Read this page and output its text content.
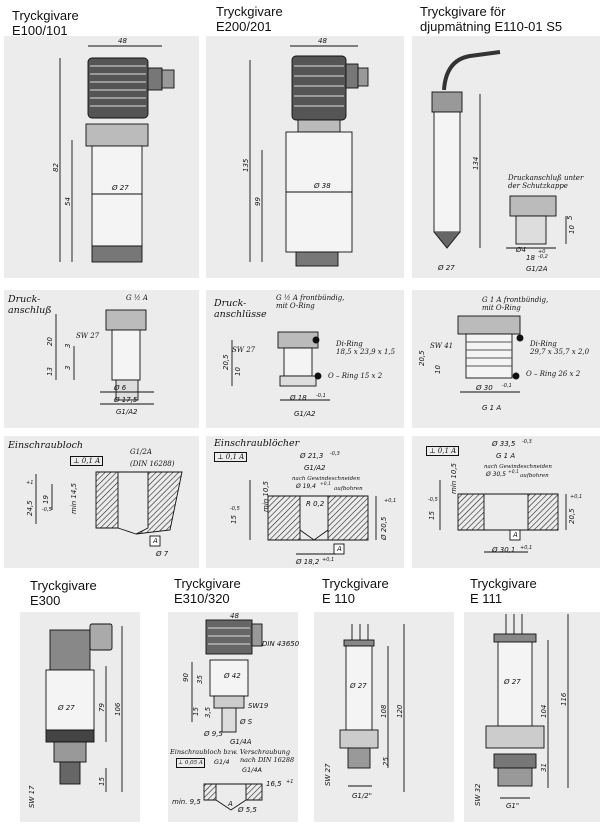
Tryckgivare
E100/101
Tryckgivare
E200/201
Tryckgivare för
djupmätning E110-01 S5
48
82
54
Ø 27
48
135
99
Ø 38
134
Ø 27
Druckanschluß unter
der Schutzkappe
Ø4
18
+0
-0,2
10
5
G1/2A
Druck-
anschluß
G ½ A
SW 27
20 3
3
13
Ø 6
Ø 17,5
G1/A2
Druck-
anschlüsse
G ½ A frontbündig,
mit O-Ring
SW 27
Di-Ring
18,5 x 23,9 x 1,5
O – Ring 15 x 2
20,5
10
Ø 18 -0,1
G1/A2
G 1 A frontbündig,
mit O-Ring
SW 41	Di-Ring
29,7 x 35,7 x 2,0
O – Ring 26 x 2
20,5
10
Ø 30 -0,1
G 1 A
Einschraubloch
⊥ 0,1 A
G1/2A
(DIN 16288)
24,5
+1
19
-0,5	min 14,5
Ø 7
A
Einschraublöcher
⊥ 0,1 A	Ø 21,3 -0,3
G1/A2
nach Gewindeschneiden
Ø 19,4 +0,1
aufbohren
R 0,2
min 10,5
15
-0,5
Ø 20,5
+0,1
Ø 18,2 +0,1
A
⊥ 0,1 A
Ø 33,5 -0,3
G 1 A
nach Gewindeschneiden
Ø 30,5 +0,1
aufbohren
min 10,5
15
-0,5
20,5
+0,1
Ø 30,1 +0,1
A
Tryckgivare
E300
Tryckgivare
E310/320
Tryckgivare
E 110
Tryckgivare
E 111
Ø 27	79 106
15
SW 17
48
DIN 43650
90 35	Ø 42
SW19
15 3,5
Ø S
Ø 9,5
G1/4A
Einschraubloch bzw. Verschraubung
nach DIN 16288
⊥ 0,05 A	G1/4
G1/4A
16,5 +1
min. 9,5
Ø 5,5
A
Ø 27
108 120
25
SW 27
G1/2"
Ø 27
104
116
31
SW 32	G1"
